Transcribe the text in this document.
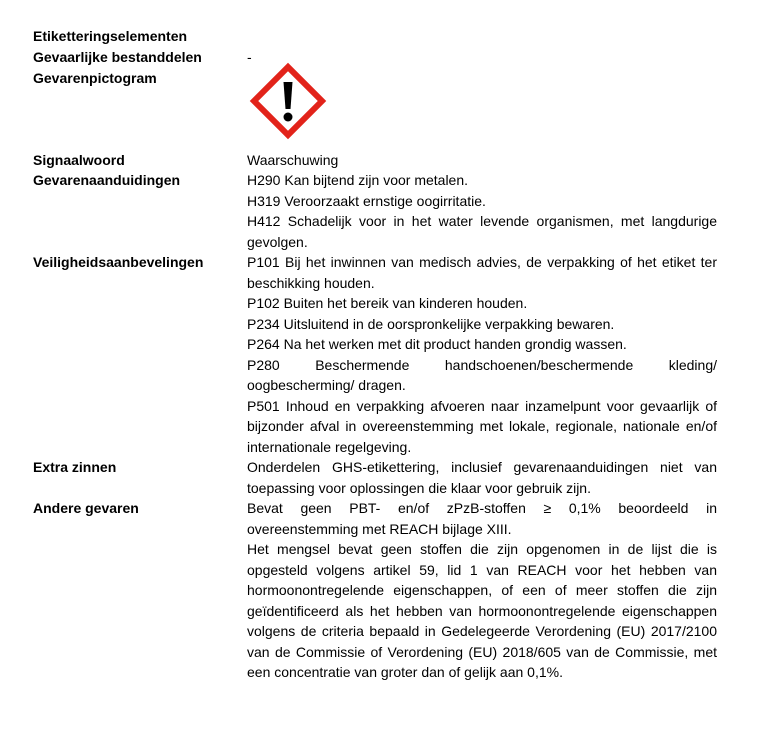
Etiketteringselementen
Gevaarlijke bestanddelen	-
Gevarenpictogram
Signaalwoord	Waarschuwing
Gevarenaanduidingen	H290 Kan bijtend zijn voor metalen.
H319 Veroorzaakt ernstige oogirritatie.
H412 Schadelijk voor in het water levende organismen, met langdurige gevolgen.
Veiligheidsaanbevelingen	P101 Bij het inwinnen van medisch advies, de verpakking of het etiket ter beschikking houden.
P102 Buiten het bereik van kinderen houden.
P234 Uitsluitend in de oorspronkelijke verpakking bewaren.
P264 Na het werken met dit product handen grondig wassen.
P280 Beschermende handschoenen/beschermende kleding/ oogbescherming/ dragen.
P501 Inhoud en verpakking afvoeren naar inzamelpunt voor gevaarlijk of bijzonder afval in overeenstemming met lokale, regionale, nationale en/of internationale regelgeving.
Extra zinnen	Onderdelen GHS-etikettering, inclusief gevarenaanduidingen niet van toepassing voor oplossingen die klaar voor gebruik zijn.
Andere gevaren	Bevat geen PBT- en/of zPzB-stoffen ≥ 0,1% beoordeeld in overeenstemming met REACH bijlage XIII.
Het mengsel bevat geen stoffen die zijn opgenomen in de lijst die is opgesteld volgens artikel 59, lid 1 van REACH voor het hebben van hormoonontregelende eigenschappen, of een of meer stoffen die zijn geïdentificeerd als het hebben van hormoonontregelende eigenschappen volgens de criteria bepaald in Gedelegeerde Verordening (EU) 2017/2100 van de Commissie of Verordening (EU) 2018/605 van de Commissie, met een concentratie van groter dan of gelijk aan 0,1%.
